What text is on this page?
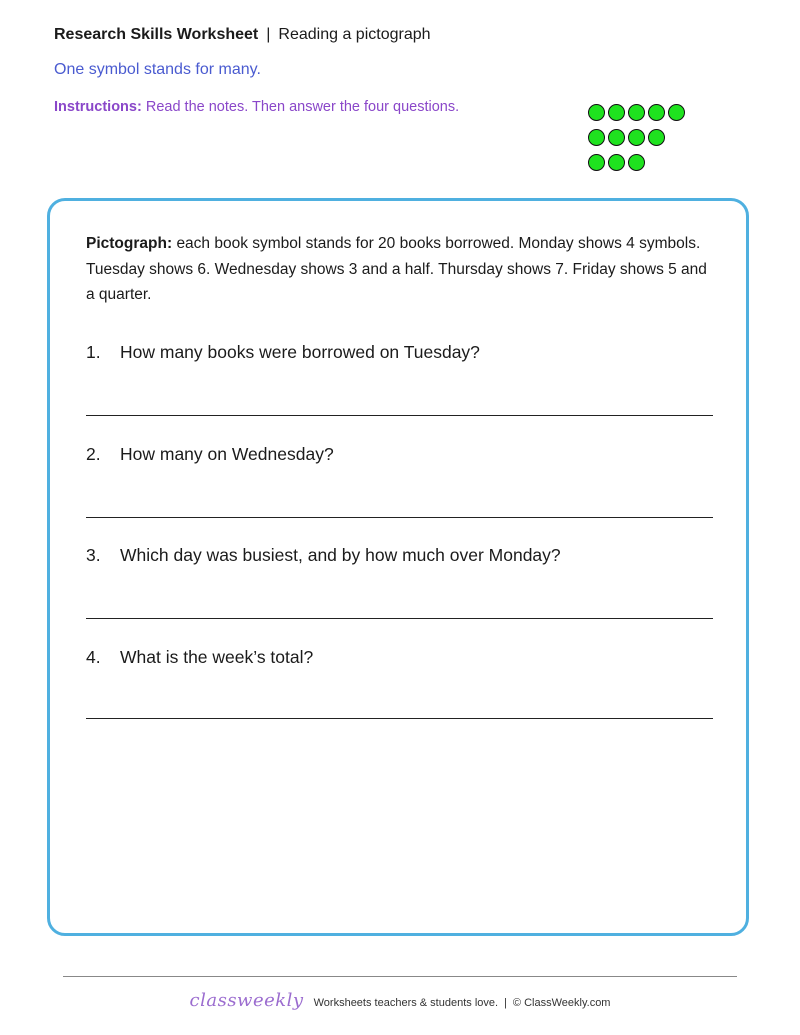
Research Skills Worksheet | Reading a pictograph
One symbol stands for many.
Instructions: Read the notes. Then answer the four questions.
Pictograph: each book symbol stands for 20 books borrowed. Monday shows 4 symbols. Tuesday shows 6. Wednesday shows 3 and a half. Thursday shows 7. Friday shows 5 and a quarter.
1. How many books were borrowed on Tuesday?
2. How many on Wednesday?
3. Which day was busiest, and by how much over Monday?
4. What is the week’s total?
classweekly Worksheets teachers & students love. | © ClassWeekly.com
